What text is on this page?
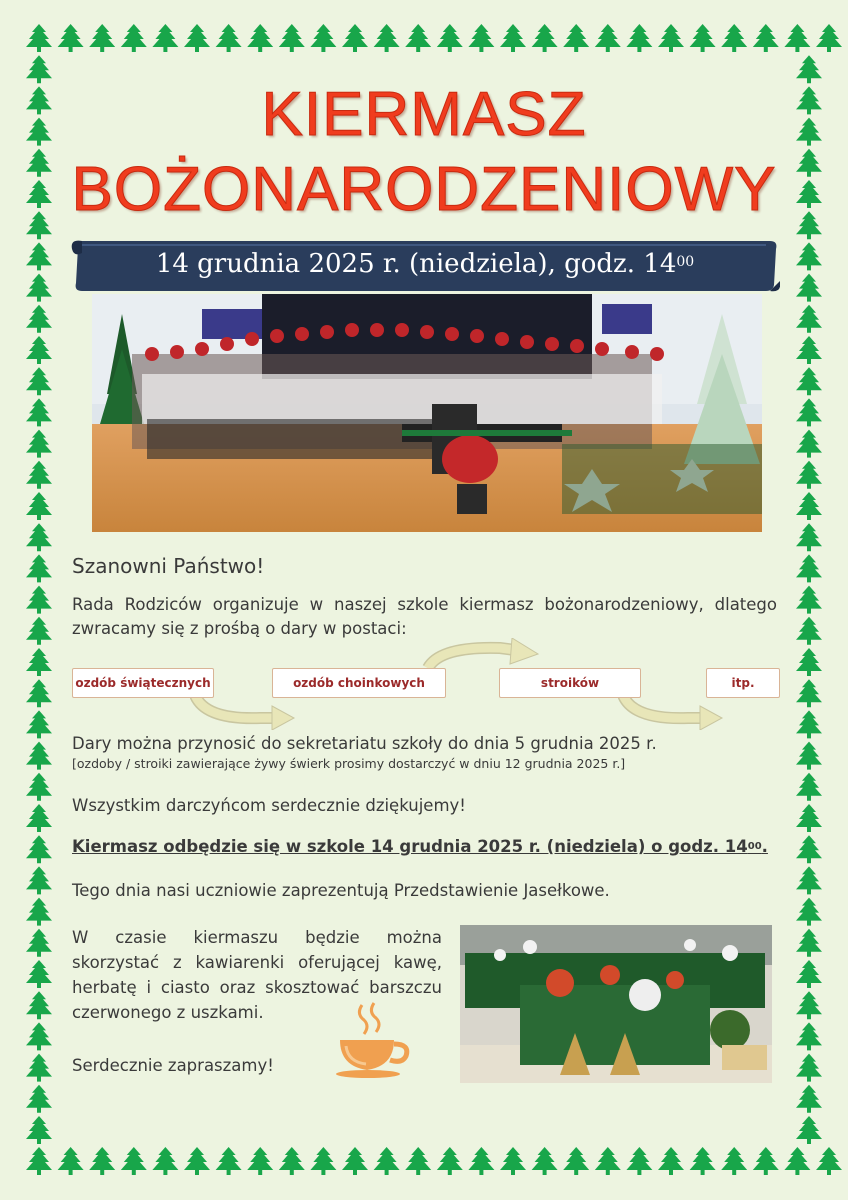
KIERMASZ
BOŻONARODZENIOWY
14 grudnia 2025 r. (niedziela), godz. $14^{00}$
Szanowni Państwo!
Rada Rodziców organizuje w naszej szkole kiermasz bożonarodzeniowy, dlatego zwracamy się z prośbą o dary w postaci:
ozdób świątecznych	ozdób choinkowych	stroików	itp.
Dary można przynosić do sekretariatu szkoły do dnia 5 grudnia 2025 r.
[ozdoby / stroiki zawierające żywy świerk prosimy dostarczyć w dniu 12 grudnia 2025 r.]
Wszystkim darczyńcom serdecznie dziękujemy!
Kiermasz odbędzie się w szkole 14 grudnia 2025 r. (niedziela) o godz. $14^{00}$.
Tego dnia nasi uczniowie zaprezentują Przedstawienie Jasełkowe.
W czasie kiermaszu będzie można skorzystać z kawiarenki oferującej kawę, herbatę i ciasto oraz skosztować barszczu czerwonego z uszkami.
Serdecznie zapraszamy!
